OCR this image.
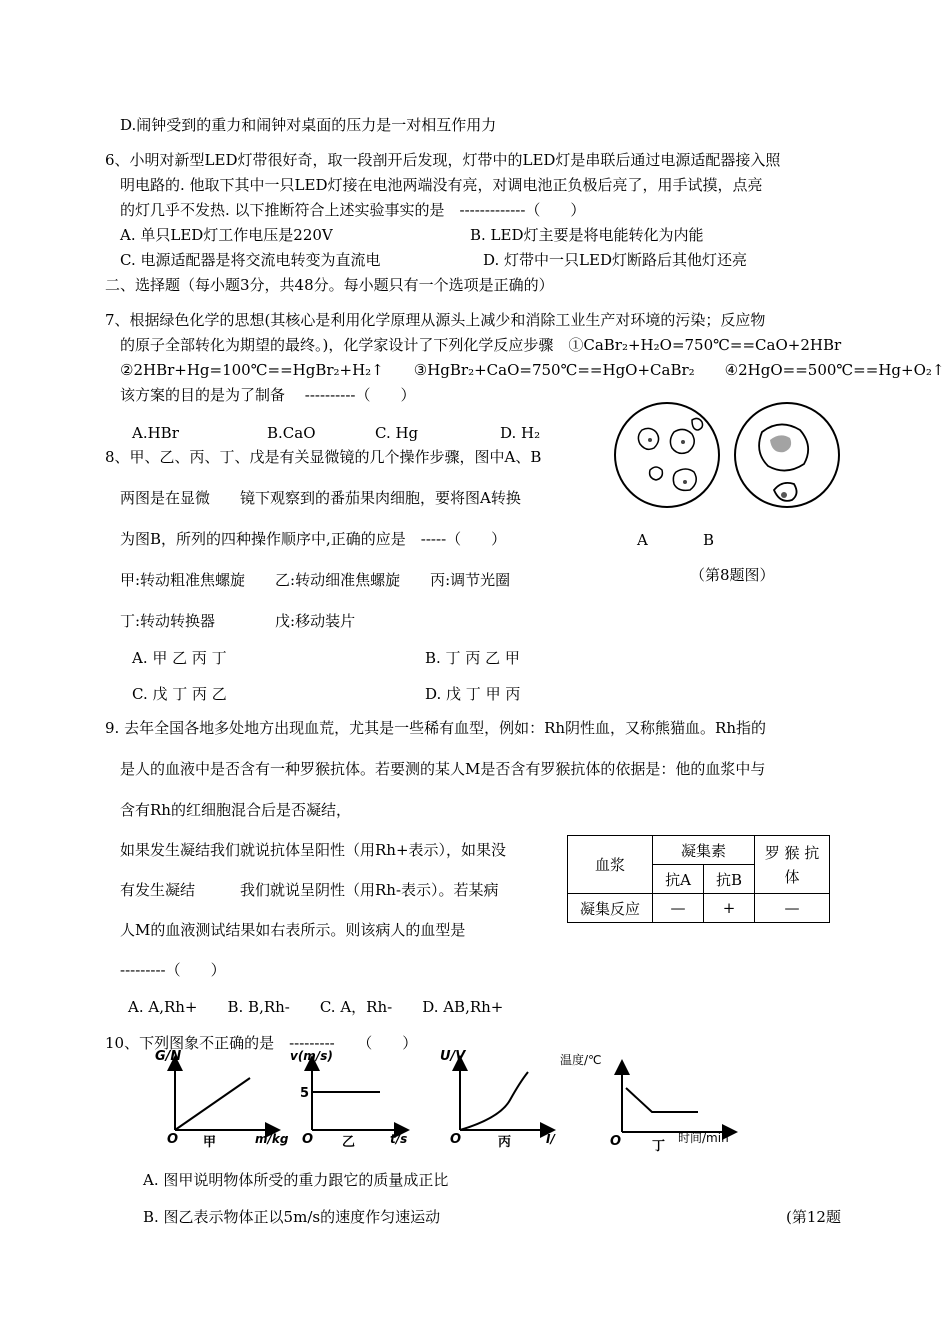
D.闹钟受到的重力和闹钟对桌面的压力是一对相互作用力
6、小明对新型LED灯带很好奇，取一段剖开后发现，灯带中的LED灯是串联后通过电源适配器接入照
明电路的. 他取下其中一只LED灯接在电池两端没有亮，对调电池正负极后亮了，用手试摸，点亮
的灯几乎不发热. 以下推断符合上述实验事实的是　-------------（　　）
A. 单只LED灯工作电压是220V	B. LED灯主要是将电能转化为内能
C. 电源适配器是将交流电转变为直流电	D. 灯带中一只LED灯断路后其他灯还亮
二、选择题（每小题3分，共48分。每小题只有一个选项是正确的）
7、根据绿色化学的思想(其核心是利用化学原理从源头上减少和消除工业生产对环境的污染；反应物
的原子全部转化为期望的最终。)，化学家设计了下列化学反应步骤　①CaBr₂+H₂O=750℃==CaO+2HBr
②2HBr+Hg=100℃==HgBr₂+H₂↑　　③HgBr₂+CaO=750℃==HgO+CaBr₂　　④2HgO==500℃==Hg+O₂↑
该方案的目的是为了制备　 ----------（　　）
A.HBr	B.CaO	C. Hg	D. H₂
8、甲、乙、丙、丁、戊是有关显微镜的几个操作步骤，图中A、B
两图是在显微　　镜下观察到的番茄果肉细胞，要将图A转换
为图B，所列的四种操作顺序中,正确的应是　-----（　　）
甲:转动粗准焦螺旋　　乙:转动细准焦螺旋　　丙:调节光圈
丁:转动转换器　　　　戊:移动装片
A. 甲 乙 丙 丁	B. 丁 丙 乙 甲
C. 戊 丁 丙 乙	D. 戊 丁 甲 丙
A	B
（第8题图）
9. 去年全国各地多处地方出现血荒，尤其是一些稀有血型，例如：Rh阴性血，又称熊猫血。Rh指的
是人的血液中是否含有一种罗猴抗体。若要测的某人M是否含有罗猴抗体的依据是：他的血浆中与
含有Rh的红细胞混合后是否凝结，
如果发生凝结我们就说抗体呈阳性（用Rh+表示），如果没
有发生凝结　　　我们就说呈阴性（用Rh-表示）。若某病
人M的血液测试结果如右表所示。则该病人的血型是
---------（　　）
A. A,Rh+　　B. B,Rh-　　C. A，Rh-　　D. AB,Rh+
血浆	凝集素		罗 猴 抗 体
	抗A	抗B	
凝集反应	—	+	—
10、下列图象不正确的是　---------　　（　　）
G/N
O	m/kg
甲
v(m/s)
5
O	t/s
乙
U/V
O	I/
丙
温度/℃
O	时间/min
丁
A. 图甲说明物体所受的重力跟它的质量成正比
B. 图乙表示物体正以5m/s的速度作匀速运动	(第12题
